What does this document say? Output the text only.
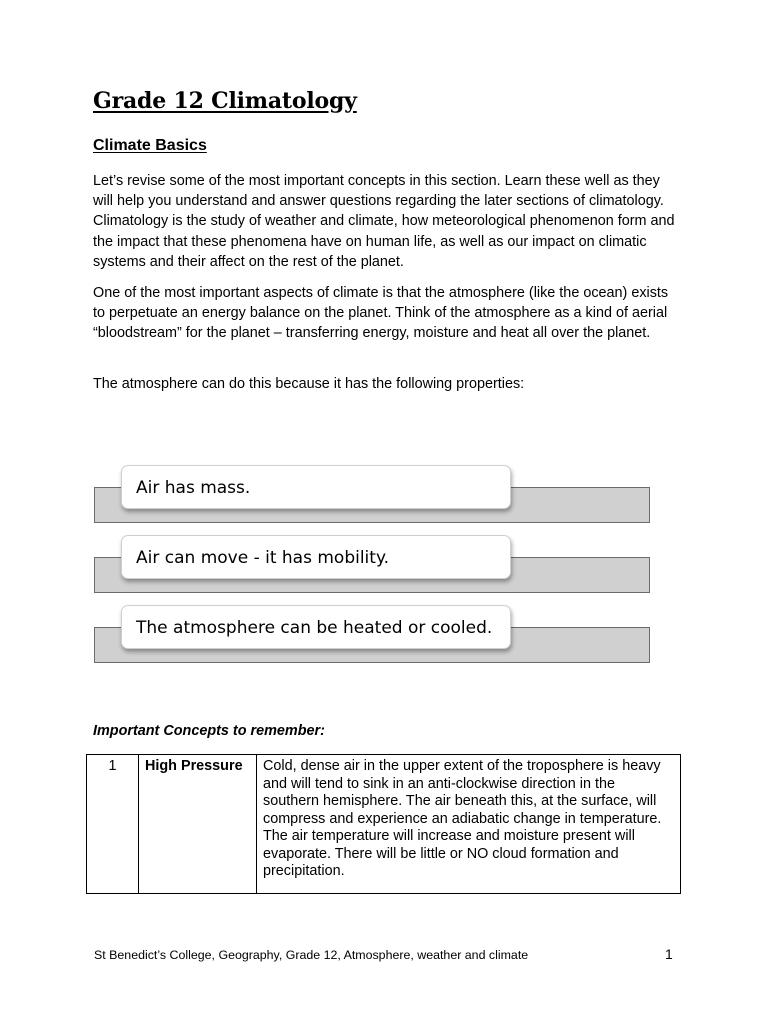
Grade 12 Climatology
Climate Basics

Let’s revise some of the most important concepts in this section. Learn these well as they will help you understand and answer questions regarding the later sections of climatology. Climatology is the study of weather and climate, how meteorological phenomenon form and the impact that these phenomena have on human life, as well as our impact on climatic systems and their affect on the rest of the planet.

One of the most important aspects of climate is that the atmosphere (like the ocean) exists to perpetuate an energy balance on the planet. Think of the atmosphere as a kind of aerial “bloodstream” for the planet – transferring energy, moisture and heat all over the planet.

The atmosphere can do this because it has the following properties:

Air has mass.
Air can move - it has mobility.
The atmosphere can be heated or cooled.
Important Concepts to remember:
1	High Pressure	Cold, dense air in the upper extent of the troposphere is heavy and will tend to sink in an anti-clockwise direction in the southern hemisphere. The air beneath this, at the surface, will compress and experience an adiabatic change in temperature. The air temperature will increase and moisture present will evaporate. There will be little or NO cloud formation and precipitation.

St Benedict’s College, Geography, Grade 12, Atmosphere, weather and climate	1
